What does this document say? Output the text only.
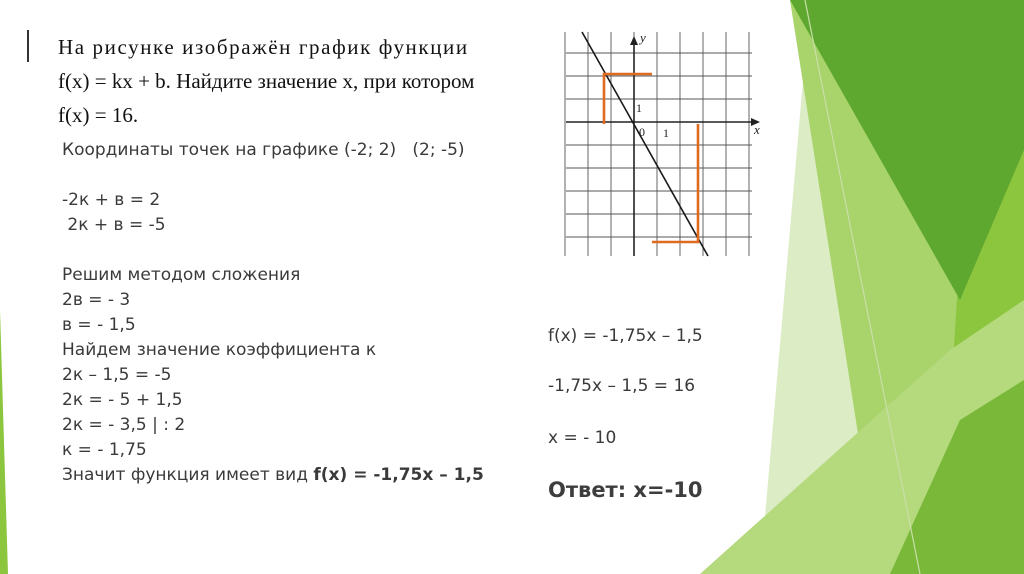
На рисунке изображён график функции
f(x) = kx + b. Найдите значение x, при котором
f(x) = 16.
Координаты точек на графике (-2; 2)   (2; -5)
-2к + в = 2
2к + в = -5
Решим методом сложения
2в = - 3
в = - 1,5
Найдем значение коэффициента к
2к – 1,5 = -5
2к = - 5 + 1,5
2к = - 3,5 | : 2
к = - 1,75
Значит функция имеет вид f(x) = -1,75x – 1,5
f(x) = -1,75x – 1,5
-1,75x – 1,5 = 16
x = - 10
Ответ: x=-10
x
y
0 1
1
